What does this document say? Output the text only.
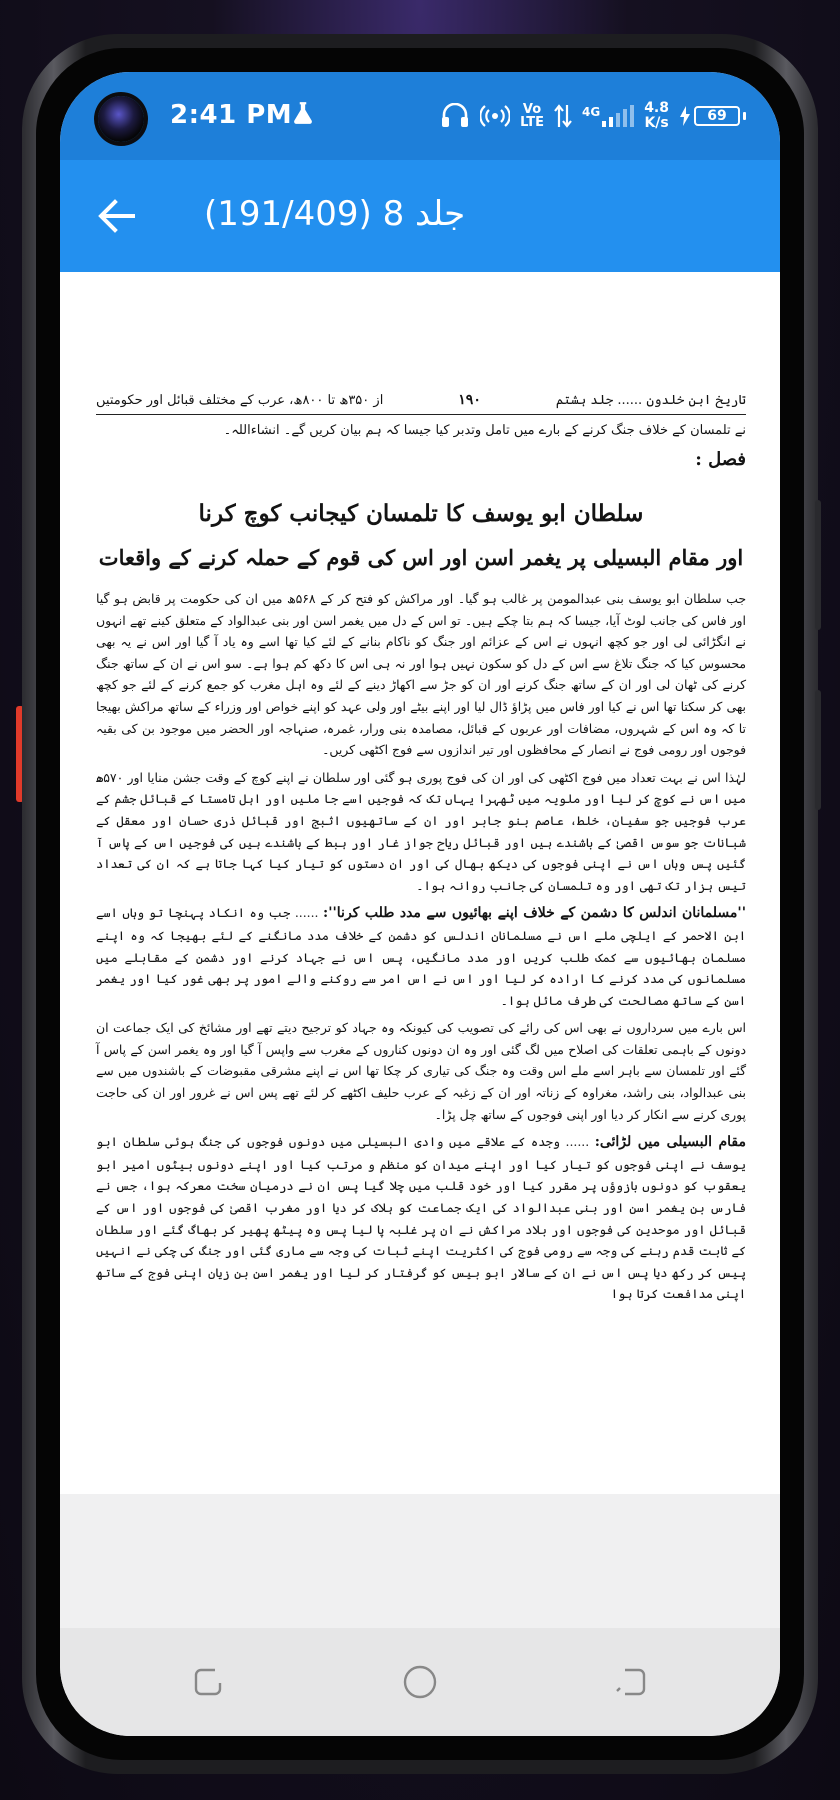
2:41 PM	Vo
LTE
4G	4.8
K/s	69
جلد 8 (191/409)
تاریخ ابن خلدون ...... جلد ہشتم
۱۹۰
از ۳۵۰ھ تا ۸۰۰ھ، عرب کے مختلف قبائل اور حکومتیں
نے تلمسان کے خلاف جنگ کرنے کے بارے میں تامل وتدبر کیا جیسا کہ ہم بیان کریں گے۔ انشاءاللہ۔
فصل :
سلطان ابو یوسف کا تلمسان کیجانب کوچ کرنا
اور مقام البسیلی پر یغمر اسن اور اس کی قوم کے حملہ کرنے کے واقعات

جب سلطان ابو یوسف بنی عبدالمومن پر غالب ہو گیا۔ اور مراکش کو فتح کر کے ۵۶۸ھ میں ان کی حکومت پر قابض ہو گیا اور فاس کی جانب لوٹ آیا، جیسا کہ ہم بتا چکے ہیں۔ تو اس کے دل میں یغمر اسن اور بنی عبدالواد کے متعلق کینے تھے انہوں نے انگڑائی لی اور جو کچھ انہوں نے اس کے عزائم اور جنگ کو ناکام بنانے کے لئے کیا تھا اسے وہ یاد آ گیا اور اس نے یہ بھی محسوس کیا کہ جنگ تلاغ سے اس کے دل کو سکون نہیں ہوا اور نہ ہی اس کا دکھ کم ہوا ہے۔ سو اس نے ان کے ساتھ جنگ کرنے کی ٹھان لی اور ان کے ساتھ جنگ کرنے اور ان کو جڑ سے اکھاڑ دینے کے لئے وہ اہل مغرب کو جمع کرنے کے لئے جو کچھ بھی کر سکتا تھا اس نے کیا اور فاس میں پڑاؤ ڈال لیا اور اپنے بیٹے اور ولی عہد کو اپنے خواص اور وزراء کے ساتھ مراکش بھیجا تا کہ وہ اس کے شہروں، مضافات اور عربوں کے قبائل، مصامدہ بنی ورار، غمرہ، صنہاجہ اور الحضر میں موجود بن کی بقیہ فوجوں اور رومی فوج نے انصار کے محافظوں اور تیر اندازوں سے فوج اکٹھی کریں۔

لہٰذا اس نے بہت تعداد میں فوج اکٹھی کی اور ان کی فوج پوری ہو گئی اور سلطان نے اپنے کوچ کے وقت جشن منایا اور ۵۷۰ھ میں اس نے کوچ کر لیا اور ملویہ میں ٹھہرا یہاں تک کہ فوجیں اسے جا ملیں اور اہل تامستا کے قبائل جشم کے عرب فوجیں جو سفیان، خلط، عاصم بنو جابر اور ان کے ساتھیوں اثبج اور قبائل ذری حسان اور معقل کے شبانات جو سوس اقصیٰ کے باشندے ہیں اور قبائل ریاح جواز غار اور ہبط کے باشندے ہیں کی فوجیں اس کے پاس آ گئیں پس وہاں اس نے اپنی فوجوں کی دیکھ بھال کی اور ان دستوں کو تیار کیا کہا جاتا ہے کہ ان کی تعداد تیس ہزار تک تھی اور وہ تلمسان کی جانب روانہ ہوا۔

''مسلمانان اندلس کا دشمن کے خلاف اپنے بھائیوں سے مدد طلب کرنا'': ...... جب وہ انکاد پہنچا تو وہاں اسے ابن الاحمر کے ایلچی ملے اس نے مسلمانان اندلس کو دشمن کے خلاف مدد مانگنے کے لئے بھیجا کہ وہ اپنے مسلمان بھائیوں سے کمک طلب کریں اور مدد مانگیں، پس اس نے جہاد کرنے اور دشمن کے مقابلے میں مسلمانوں کی مدد کرنے کا ارادہ کر لیا اور اس نے اس امر سے روکنے والے امور پر بھی غور کیا اور یغمر اسن کے ساتھ مصالحت کی طرف مائل ہوا۔

اس بارے میں سرداروں نے بھی اس کی رائے کی تصویب کی کیونکہ وہ جہاد کو ترجیح دیتے تھے اور مشائخ کی ایک جماعت ان دونوں کے باہمی تعلقات کی اصلاح میں لگ گئی اور وہ ان دونوں کناروں کے مغرب سے واپس آ گیا اور وہ یغمر اسن کے پاس آ گئے اور تلمسان سے باہر اسے ملے اس وقت وہ جنگ کی تیاری کر چکا تھا اس نے اپنے مشرقی مقبوضات کے باشندوں میں سے بنی عبدالواد، بنی راشد، مغراوہ کے زناتہ اور ان کے زغبہ کے عرب حلیف اکٹھے کر لئے تھے پس اس نے غرور اور ان کی حاجت پوری کرنے سے انکار کر دیا اور اپنی فوجوں کے ساتھ چل پڑا۔

مقام البسیلی میں لڑائی: ...... وجدہ کے علاقے میں وادی البسیلی میں دونوں فوجوں کی جنگ ہوئی سلطان ابو یوسف نے اپنی فوجوں کو تیار کیا اور اپنے میدان کو منظم و مرتب کیا اور اپنے دونوں بیٹوں امیر ابو یعقوب کو دونوں بازوؤں پر مقرر کیا اور خود قلب میں چلا گیا پس ان نے درمیان سخت معرکہ ہوا، جس نے فارس بن یغمر اسن اور بنی عبدالواد کی ایک جماعت کو ہلاک کر دیا اور مغرب اقصیٰ کی فوجوں اور اس کے قبائل اور موحدین کی فوجوں اور بلاد مراکش نے ان پر غلبہ پا لیا پس وہ پیٹھ پھیر کر بھاگ گئے اور سلطان کے ثابت قدم رہنے کی وجہ سے رومی فوج کی اکثریت اپنے ثبات کی وجہ سے ماری گئی اور جنگ کی چکی نے انہیں پیس کر رکھ دیا پس اس نے ان کے سالار ابو بیس کو گرفتار کر لیا اور یغمر اسن بن زیان اپنی فوج کے ساتھ اپنی مدافعت کرتا ہوا
